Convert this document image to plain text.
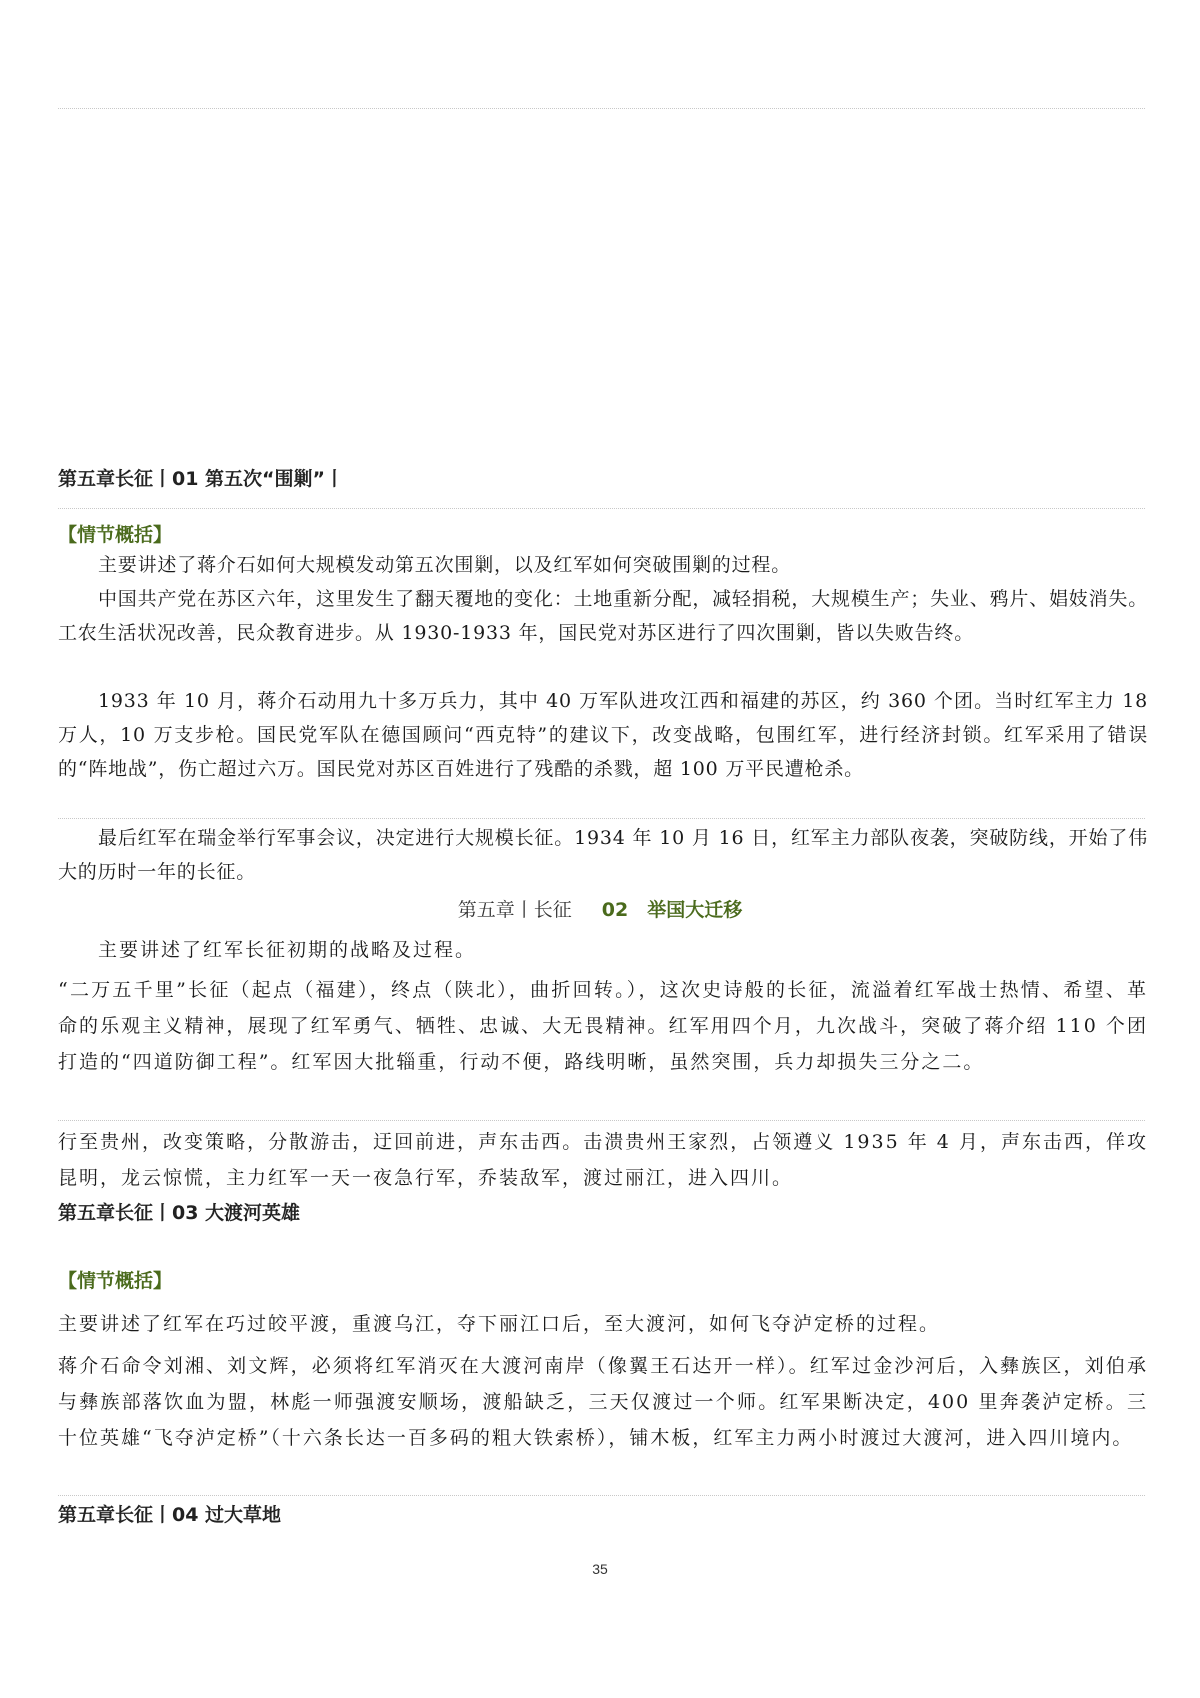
第五章长征丨01 第五次“围剿”丨
【情节概括】
主要讲述了蒋介石如何大规模发动第五次围剿，以及红军如何突破围剿的过程。
中国共产党在苏区六年，这里发生了翻天覆地的变化：土地重新分配，减轻捐税，大规模生产；失业、鸦片、娼妓消失。工农生活状况改善，民众教育进步。从 1930-1933 年，国民党对苏区进行了四次围剿，皆以失败告终。
1933 年 10 月，蒋介石动用九十多万兵力，其中 40 万军队进攻江西和福建的苏区，约 360 个团。当时红军主力 18 万人，10 万支步枪。国民党军队在德国顾问“西克特”的建议下，改变战略，包围红军，进行经济封锁。红军采用了错误的“阵地战”，伤亡超过六万。国民党对苏区百姓进行了残酷的杀戮，超 100 万平民遭枪杀。
最后红军在瑞金举行军事会议，决定进行大规模长征。1934 年 10 月 16 日，红军主力部队夜袭，突破防线，开始了伟大的历时一年的长征。
第五章丨长征 02　举国大迁移
主要讲述了红军长征初期的战略及过程。
“二万五千里”长征（起点（福建），终点（陕北），曲折回转。），这次史诗般的长征，流溢着红军战士热情、希望、革命的乐观主义精神，展现了红军勇气、牺牲、忠诚、大无畏精神。红军用四个月，九次战斗，突破了蒋介绍 110 个团打造的“四道防御工程”。红军因大批辎重，行动不便，路线明晰，虽然突围，兵力却损失三分之二。
行至贵州，改变策略，分散游击，迂回前进，声东击西。击溃贵州王家烈，占领遵义 1935 年 4 月，声东击西，佯攻昆明，龙云惊慌，主力红军一天一夜急行军，乔装敌军，渡过丽江，进入四川。
第五章长征丨03 大渡河英雄
【情节概括】
主要讲述了红军在巧过皎平渡，重渡乌江，夺下丽江口后，至大渡河，如何飞夺泸定桥的过程。
蒋介石命令刘湘、刘文辉，必须将红军消灭在大渡河南岸（像翼王石达开一样）。红军过金沙河后，入彝族区，刘伯承与彝族部落饮血为盟，林彪一师强渡安顺场，渡船缺乏，三天仅渡过一个师。红军果断决定，400 里奔袭泸定桥。三十位英雄“飞夺泸定桥”（十六条长达一百多码的粗大铁索桥），铺木板，红军主力两小时渡过大渡河，进入四川境内。
第五章长征丨04 过大草地
35
